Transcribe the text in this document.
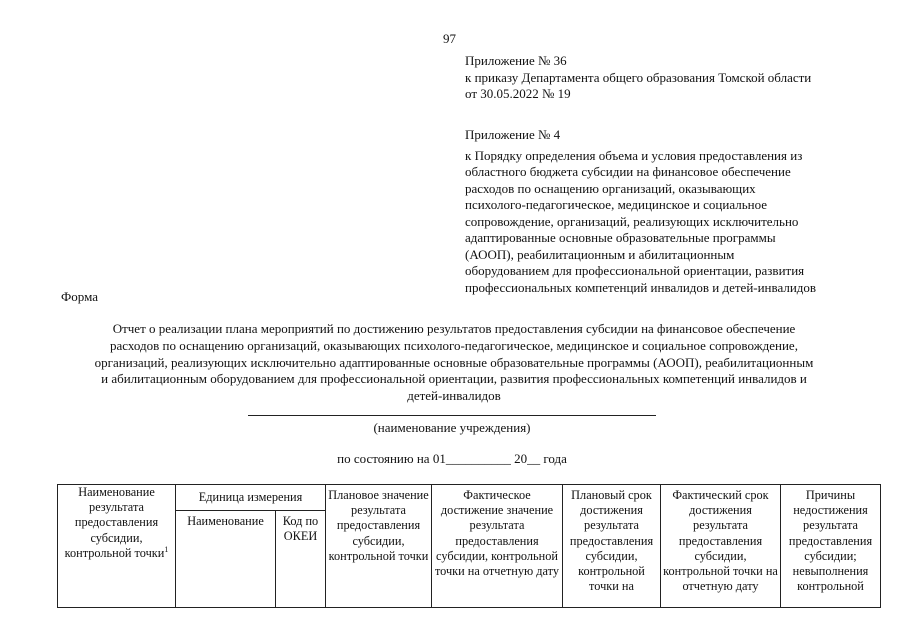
97
Приложение № 36
к приказу Департамента общего образования Томской области
от 30.05.2022 № 19
Приложение № 4
к Порядку определения объема и условия предоставления из
областного бюджета субсидии на финансовое обеспечение
расходов по оснащению организаций, оказывающих
психолого-педагогическое, медицинское и социальное
сопровождение, организаций, реализующих исключительно
адаптированные основные образовательные программы
(АООП), реабилитационным и абилитационным
оборудованием для профессиональной ориентации, развития
профессиональных компетенций инвалидов и детей-инвалидов
Форма
Отчет о реализации плана мероприятий по достижению результатов предоставления субсидии на финансовое обеспечение
расходов по оснащению организаций, оказывающих психолого-педагогическое, медицинское и социальное сопровождение,
организаций, реализующих исключительно адаптированные основные образовательные программы (АООП), реабилитационным
и абилитационным оборудованием для профессиональной ориентации, развития профессиональных компетенций инвалидов и
детей-инвалидов
(наименование учреждения)
по состоянию на 01__________ 20__ года
Наименование результата предоставления субсидии, контрольной точки$^1$	Единица измерения		Плановое значение результата предоставления субсидии, контрольной точки	Фактическое достижение значение результата предоставления субсидии, контрольной точки на отчетную дату	Плановый срок достижения результата предоставления субсидии, контрольной точки на	Фактический срок достижения результата предоставления субсидии, контрольной точки на отчетную дату	Причины недостижения результата предоставления субсидии; невыполнения контрольной
	Наименование	Код по ОКЕИ					
